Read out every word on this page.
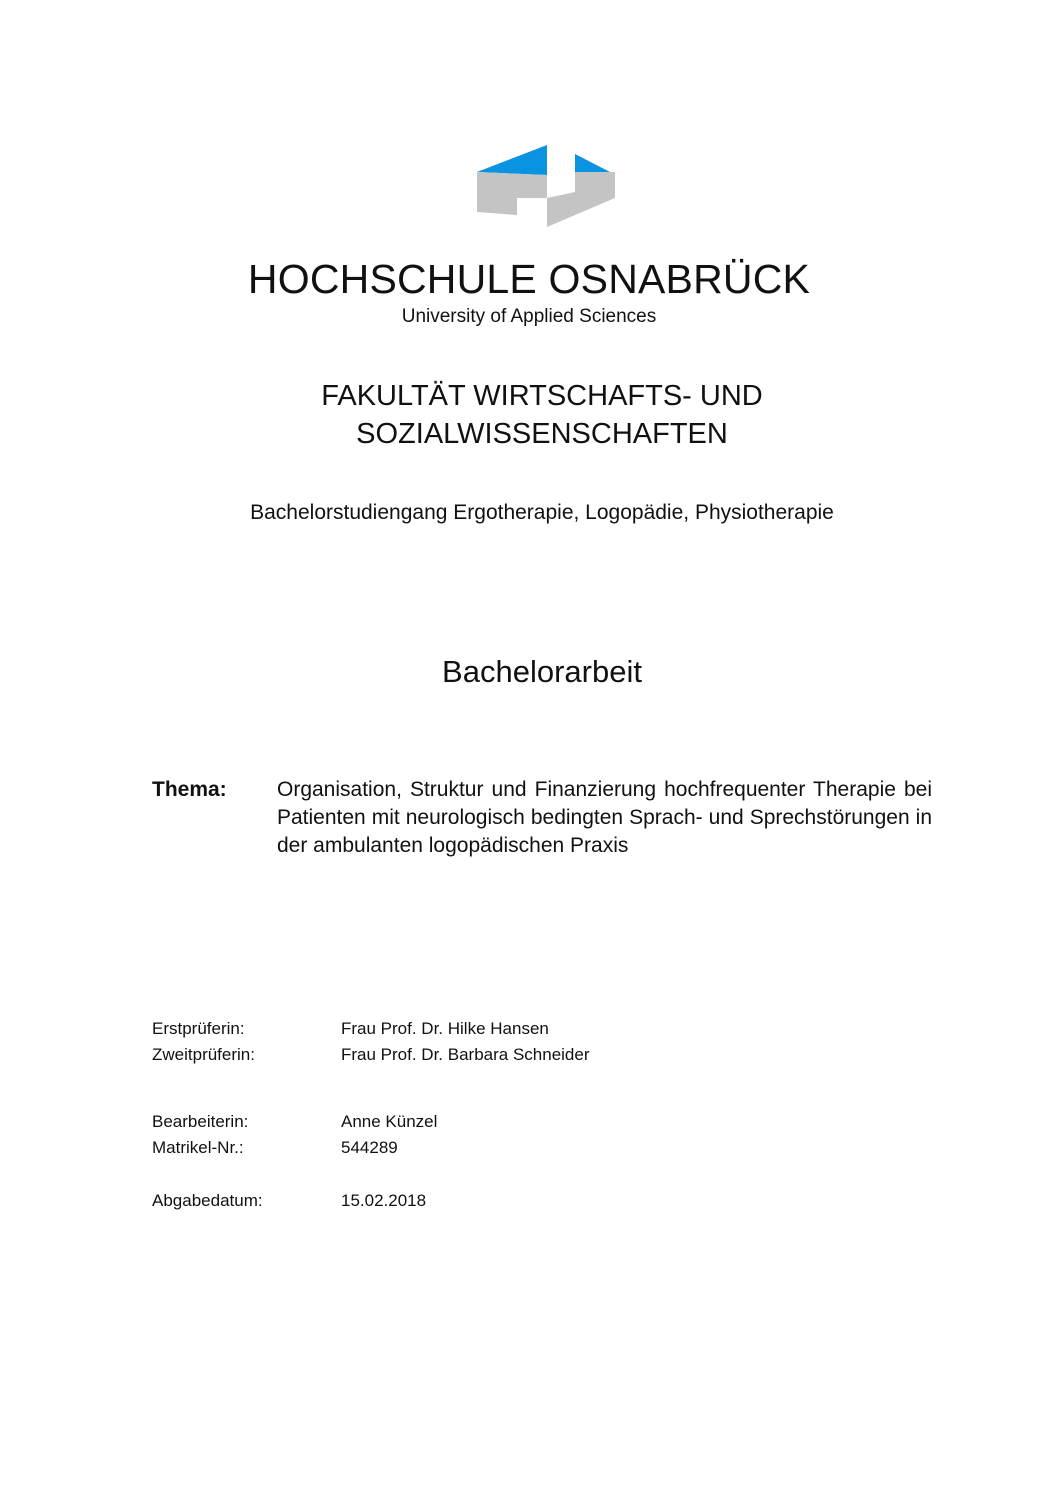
HOCHSCHULE OSNABRÜCK
University of Applied Sciences
FAKULTÄT WIRTSCHAFTS- UND
SOZIALWISSENSCHAFTEN
Bachelorstudiengang Ergotherapie, Logopädie, Physiotherapie
Bachelorarbeit
Thema: Organisation, Struktur und Finanzierung hochfrequenter Therapie bei Patienten mit neurologisch bedingten Sprach- und Sprechstörungen in der ambulanten logopädischen Praxis
Erstprüferin:	Frau Prof. Dr. Hilke Hansen
Zweitprüferin:	Frau Prof. Dr. Barbara Schneider
Bearbeiterin:	Anne Künzel
Matrikel-Nr.:	544289
Abgabedatum:	15.02.2018
